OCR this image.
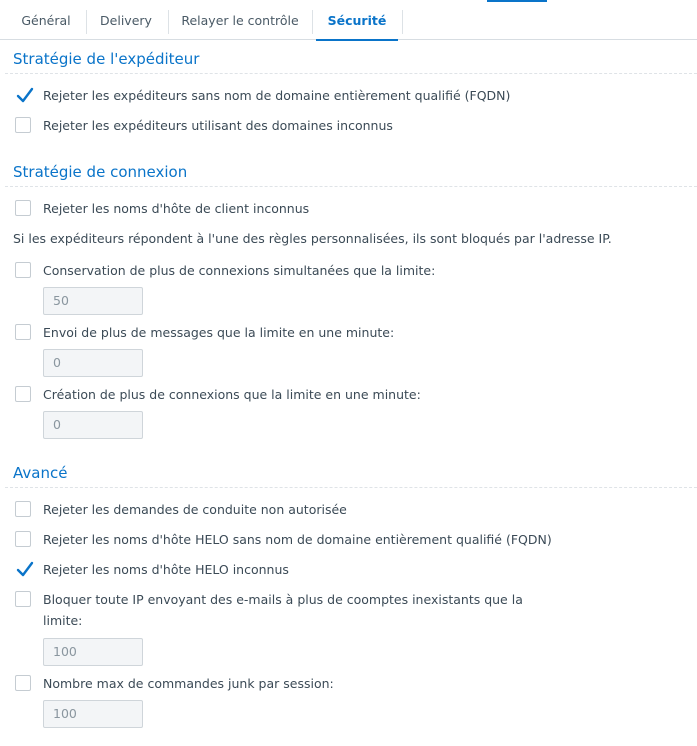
Général	Delivery	Relayer le contrôle	Sécurité
Stratégie de l'expéditeur
Rejeter les expéditeurs sans nom de domaine entièrement qualifié (FQDN)
Rejeter les expéditeurs utilisant des domaines inconnus
Stratégie de connexion
Rejeter les noms d'hôte de client inconnus
Si les expéditeurs répondent à l'une des règles personnalisées, ils sont bloqués par l'adresse IP.
Conservation de plus de connexions simultanées que la limite:
50
Envoi de plus de messages que la limite en une minute:
0
Création de plus de connexions que la limite en une minute:
0
Avancé
Rejeter les demandes de conduite non autorisée
Rejeter les noms d'hôte HELO sans nom de domaine entièrement qualifié (FQDN)
Rejeter les noms d'hôte HELO inconnus
Bloquer toute IP envoyant des e-mails à plus de coomptes inexistants que la
limite:
100
Nombre max de commandes junk par session:
100
